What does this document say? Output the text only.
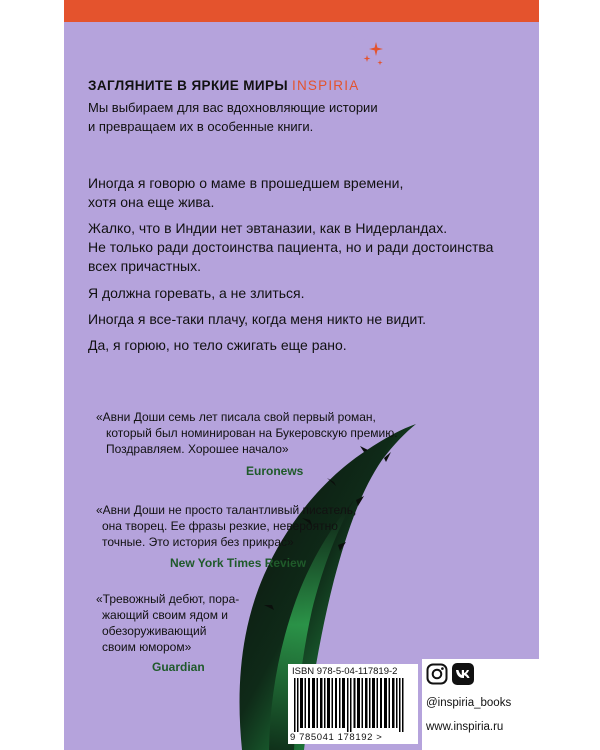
ЗАГЛЯНИТЕ В ЯРКИЕ МИРЫ INSPIRIA
Мы выбираем для вас вдохновляющие истории
и превращаем их в особенные книги.
Иногда я говорю о маме в прошедшем времени,
хотя она еще жива.
Жалко, что в Индии нет эвтаназии, как в Нидерландах.
Не только ради достоинства пациента, но и ради достоинства
всех причастных.
Я должна горевать, а не злиться.
Иногда я все-таки плачу, когда меня никто не видит.
Да, я горюю, но тело сжигать еще рано.
«Авни Доши семь лет писала свой первый роман,
который был номинирован на Букеровскую премию.
Поздравляем. Хорошее начало»
Euronews
«Авни Доши не просто талантливый писатель,
она творец. Ее фразы резкие, невероятно
точные. Это история без прикрас»
New York Times Review
«Тревожный дебют, пора-
жающий своим ядом и
обезоруживающий
своим юмором»
Guardian	ISBN 978-5-04-117819-2
9 785041 178192 >
@inspiria_books
www.inspiria.ru
